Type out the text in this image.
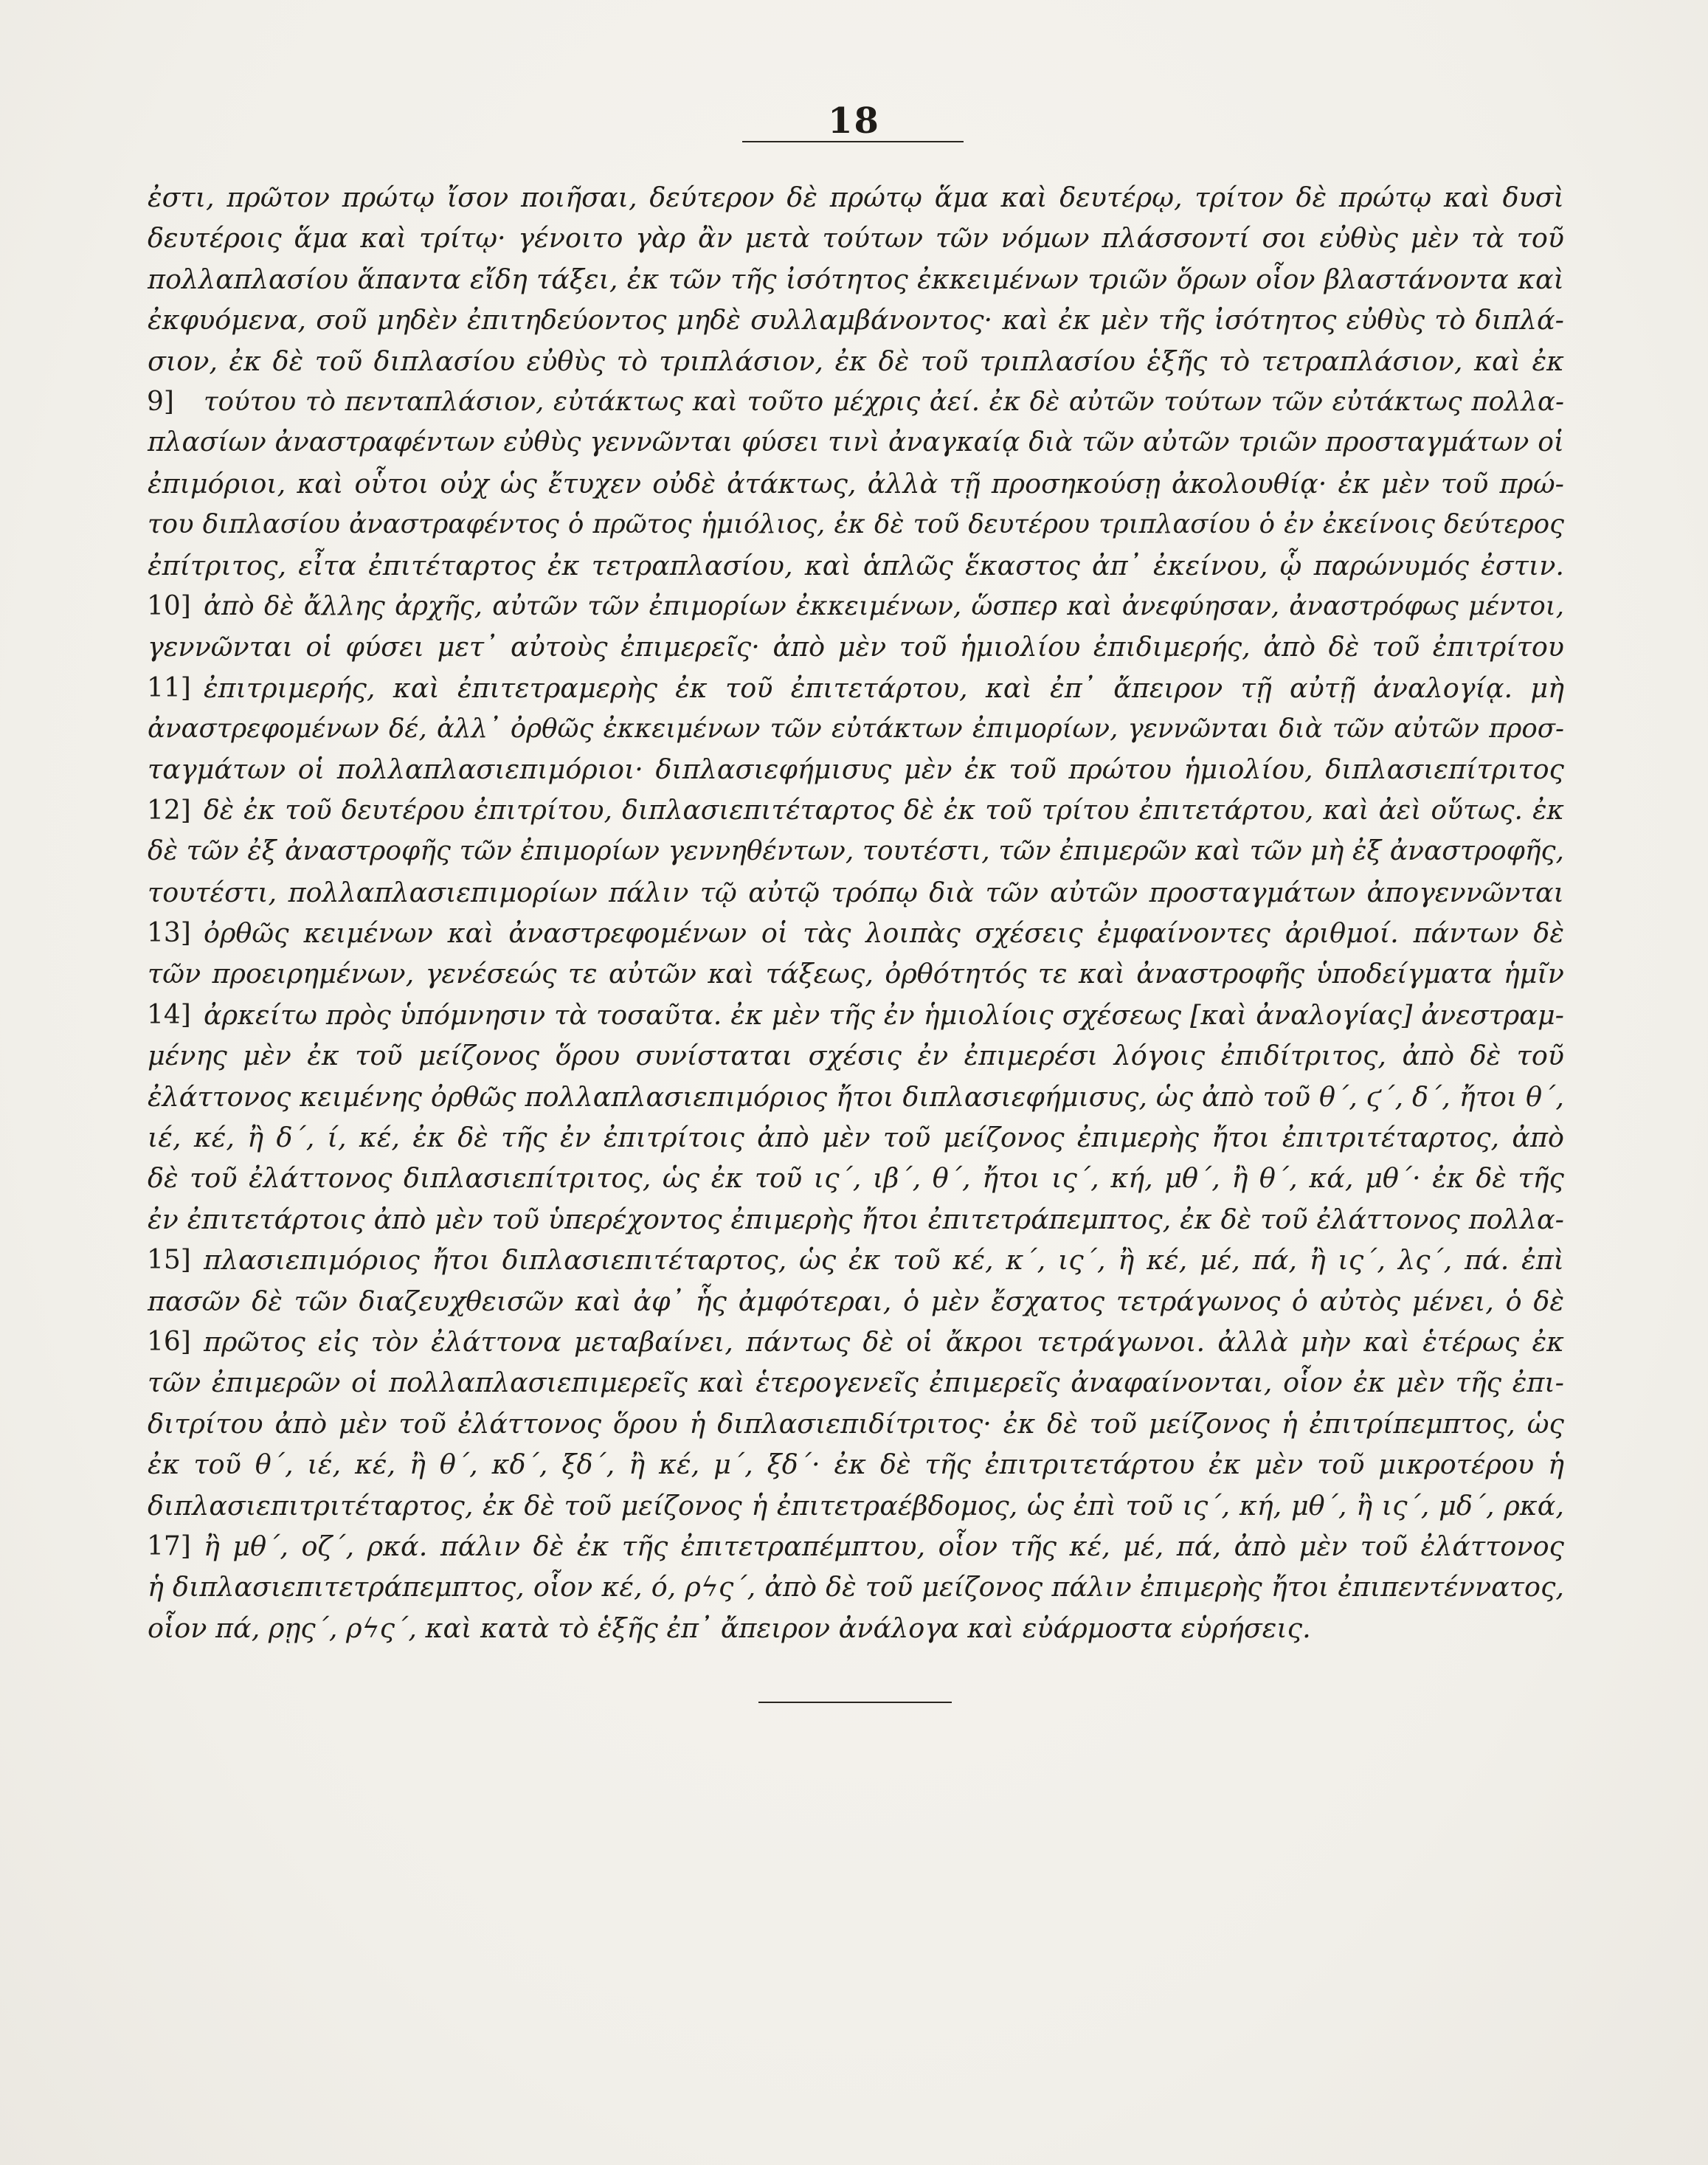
18
ἐστι, πρῶτον πρώτῳ ἴσον ποιῆσαι, δεύτερον δὲ πρώτῳ ἅμα καὶ δευτέρῳ, τρίτον δὲ πρώτῳ καὶ δυσὶ
δευτέροις ἅμα καὶ τρίτῳ· γένοιτο γὰρ ἂν μετὰ τούτων τῶν νόμων πλάσσοντί σοι εὐθὺς μὲν τὰ τοῦ
πολλαπλασίου ἅπαντα εἴδη τάξει, ἐκ τῶν τῆς ἰσότητος ἐκκειμένων τριῶν ὅρων οἷον βλαστάνοντα καὶ
ἐκφυόμενα, σοῦ μηδὲν ἐπιτηδεύοντος μηδὲ συλλαμβάνοντος· καὶ ἐκ μὲν τῆς ἰσότητος εὐθὺς τὸ διπλά-
σιον, ἐκ δὲ τοῦ διπλασίου εὐθὺς τὸ τριπλάσιον, ἐκ δὲ τοῦ τριπλασίου ἑξῆς τὸ τετραπλάσιον, καὶ ἐκ
9] τούτου τὸ πενταπλάσιον, εὐτάκτως καὶ τοῦτο μέχρις ἀεί. ἐκ δὲ αὐτῶν τούτων τῶν εὐτάκτως πολλα-
πλασίων ἀναστραφέντων εὐθὺς γεννῶνται φύσει τινὶ ἀναγκαίᾳ διὰ τῶν αὐτῶν τριῶν προσταγμάτων οἱ
ἐπιμόριοι, καὶ οὗτοι οὐχ ὡς ἔτυχεν οὐδὲ ἀτάκτως, ἀλλὰ τῇ προσηκούσῃ ἀκολουθίᾳ· ἐκ μὲν τοῦ πρώ-
του διπλασίου ἀναστραφέντος ὁ πρῶτος ἡμιόλιος, ἐκ δὲ τοῦ δευτέρου τριπλασίου ὁ ἐν ἐκείνοις δεύτερος
ἐπίτριτος, εἶτα ἐπιτέταρτος ἐκ τετραπλασίου, καὶ ἁπλῶς ἕκαστος ἀπ᾿ ἐκείνου, ᾧ παρώνυμός ἐστιν.
10] ἀπὸ δὲ ἄλλης ἀρχῆς, αὐτῶν τῶν ἐπιμορίων ἐκκειμένων, ὥσπερ καὶ ἀνεφύησαν, ἀναστρόφως μέντοι,
γεννῶνται οἱ φύσει μετ᾿ αὐτοὺς ἐπιμερεῖς· ἀπὸ μὲν τοῦ ἡμιολίου ἐπιδιμερής, ἀπὸ δὲ τοῦ ἐπιτρίτου
11] ἐπιτριμερής, καὶ ἐπιτετραμερὴς ἐκ τοῦ ἐπιτετάρτου, καὶ ἐπ᾿ ἄπειρον τῇ αὐτῇ ἀναλογίᾳ. μὴ
ἀναστρεφομένων δέ, ἀλλ᾿ ὀρθῶς ἐκκειμένων τῶν εὐτάκτων ἐπιμορίων, γεννῶνται διὰ τῶν αὐτῶν προσ-
ταγμάτων οἱ πολλαπλασιεπιμόριοι· διπλασιεφήμισυς μὲν ἐκ τοῦ πρώτου ἡμιολίου, διπλασιεπίτριτος
12] δὲ ἐκ τοῦ δευτέρου ἐπιτρίτου, διπλασιεπιτέταρτος δὲ ἐκ τοῦ τρίτου ἐπιτετάρτου, καὶ ἀεὶ οὕτως. ἐκ
δὲ τῶν ἐξ ἀναστροφῆς τῶν ἐπιμορίων γεννηθέντων, τουτέστι, τῶν ἐπιμερῶν καὶ τῶν μὴ ἐξ ἀναστροφῆς,
τουτέστι, πολλαπλασιεπιμορίων πάλιν τῷ αὐτῷ τρόπῳ διὰ τῶν αὐτῶν προσταγμάτων ἀπογεννῶνται
13] ὀρθῶς κειμένων καὶ ἀναστρεφομένων οἱ τὰς λοιπὰς σχέσεις ἐμφαίνοντες ἀριθμοί. πάντων δὲ
τῶν προειρημένων, γενέσεώς τε αὐτῶν καὶ τάξεως, ὀρθότητός τε καὶ ἀναστροφῆς ὑποδείγματα ἡμῖν
14] ἀρκείτω πρὸς ὑπόμνησιν τὰ τοσαῦτα. ἐκ μὲν τῆς ἐν ἡμιολίοις σχέσεως [καὶ ἀναλογίας] ἀνεστραμ-
μένης μὲν ἐκ τοῦ μείζονος ὅρου συνίσταται σχέσις ἐν ἐπιμερέσι λόγοις ἐπιδίτριτος, ἀπὸ δὲ τοῦ
ἐλάττονος κειμένης ὀρθῶς πολλαπλασιεπιμόριος ἤτοι διπλασιεφήμισυς, ὡς ἀπὸ τοῦ θ΄, ϛ΄, δ΄, ἤτοι θ΄,
ιέ, κέ, ἢ δ΄, ί, κέ, ἐκ δὲ τῆς ἐν ἐπιτρίτοις ἀπὸ μὲν τοῦ μείζονος ἐπιμερὴς ἤτοι ἐπιτριτέταρτος, ἀπὸ
δὲ τοῦ ἐλάττονος διπλασιεπίτριτος, ὡς ἐκ τοῦ ις΄, ιβ΄, θ΄, ἤτοι ις΄, κή, μθ΄, ἢ θ΄, κά, μθ΄· ἐκ δὲ τῆς
ἐν ἐπιτετάρτοις ἀπὸ μὲν τοῦ ὑπερέχοντος ἐπιμερὴς ἤτοι ἐπιτετράπεμπτος, ἐκ δὲ τοῦ ἐλάττονος πολλα-
15] πλασιεπιμόριος ἤτοι διπλασιεπιτέταρτος, ὡς ἐκ τοῦ κέ, κ΄, ις΄, ἢ κέ, μέ, πά, ἢ ις΄, λς΄, πά. ἐπὶ
πασῶν δὲ τῶν διαζευχθεισῶν καὶ ἀφ᾿ ἧς ἀμφότεραι, ὁ μὲν ἔσχατος τετράγωνος ὁ αὐτὸς μένει, ὁ δὲ
16] πρῶτος εἰς τὸν ἐλάττονα μεταβαίνει, πάντως δὲ οἱ ἄκροι τετράγωνοι. ἀλλὰ μὴν καὶ ἑτέρως ἐκ
τῶν ἐπιμερῶν οἱ πολλαπλασιεπιμερεῖς καὶ ἑτερογενεῖς ἐπιμερεῖς ἀναφαίνονται, οἷον ἐκ μὲν τῆς ἐπι-
διτρίτου ἀπὸ μὲν τοῦ ἐλάττονος ὅρου ἡ διπλασιεπιδίτριτος· ἐκ δὲ τοῦ μείζονος ἡ ἐπιτρίπεμπτος, ὡς
ἐκ τοῦ θ΄, ιέ, κέ, ἢ θ΄, κδ΄, ξδ΄, ἢ κέ, μ΄, ξδ΄· ἐκ δὲ τῆς ἐπιτριτετάρτου ἐκ μὲν τοῦ μικροτέρου ἡ
διπλασιεπιτριτέταρτος, ἐκ δὲ τοῦ μείζονος ἡ ἐπιτετραέβδομος, ὡς ἐπὶ τοῦ ις΄, κή, μθ΄, ἢ ις΄, μδ΄, ρκά,
17] ἢ μθ΄, οζ΄, ρκά. πάλιν δὲ ἐκ τῆς ἐπιτετραπέμπτου, οἷον τῆς κέ, μέ, πά, ἀπὸ μὲν τοῦ ἐλάττονος
ἡ διπλασιεπιτετράπεμπτος, οἷον κέ, ό, ρϟς΄, ἀπὸ δὲ τοῦ μείζονος πάλιν ἐπιμερὴς ἤτοι ἐπιπεντέννατος,
οἷον πά, ρῃς΄, ρϟς΄, καὶ κατὰ τὸ ἑξῆς ἐπ᾿ ἄπειρον ἀνάλογα καὶ εὐάρμοστα εὑρήσεις.
